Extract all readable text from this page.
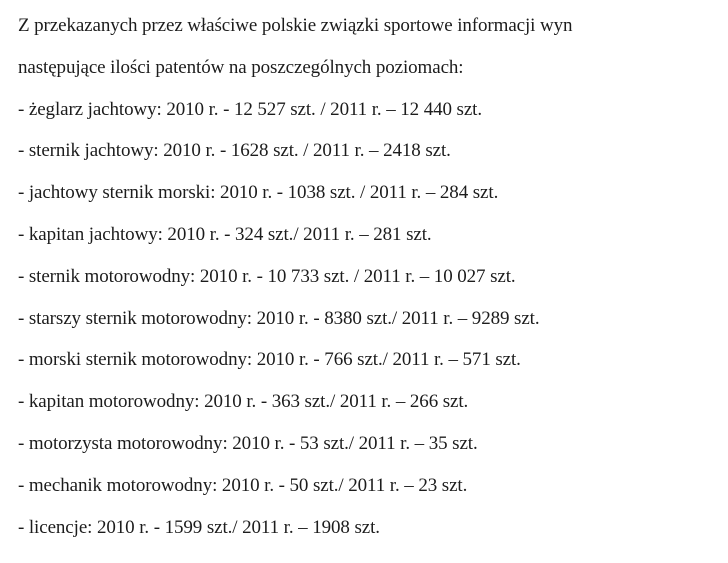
Z przekazanych przez właściwe polskie związki sportowe informacji wyn
następujące ilości patentów na poszczególnych poziomach:
- żeglarz jachtowy: 2010 r. - 12 527 szt. / 2011 r. – 12 440 szt.
- sternik jachtowy: 2010 r. - 1628 szt. / 2011 r. – 2418 szt.
- jachtowy sternik morski: 2010 r. - 1038 szt. / 2011 r. – 284 szt.
- kapitan jachtowy: 2010 r. - 324 szt./ 2011 r. – 281 szt.
- sternik motorowodny: 2010 r. - 10 733 szt. / 2011 r. – 10 027 szt.
- starszy sternik motorowodny: 2010 r. - 8380 szt./ 2011 r. – 9289 szt.
- morski sternik motorowodny: 2010 r. - 766 szt./ 2011 r. – 571 szt.
- kapitan motorowodny: 2010 r. - 363 szt./ 2011 r. – 266 szt.
- motorzysta motorowodny: 2010 r. - 53 szt./ 2011 r. – 35 szt.
- mechanik motorowodny: 2010 r. - 50 szt./ 2011 r. – 23 szt.
- licencje: 2010 r. - 1599 szt./ 2011 r. – 1908 szt.
